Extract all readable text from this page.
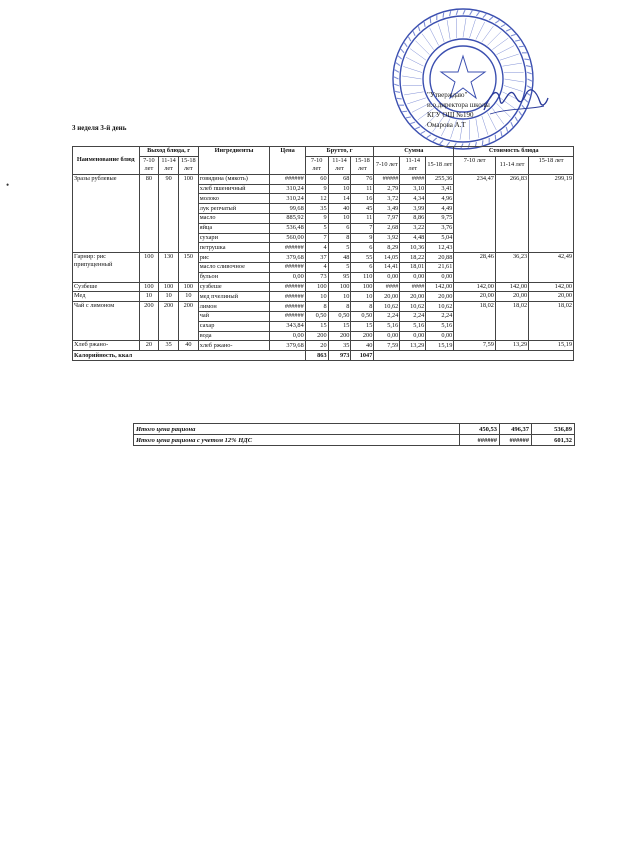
"Утверждаю"
и.о.директора школы
КГУ ОШ №190
Омарова А.Т
3 неделя 3-й день
Наименование блюд	Выход блюда, г			Ингредиенты	Цена	Брутто, г			Сумма			Стоимость блюда		
	7-10 лет	11-14 лет	15-18 лет			7-10 лет	11-14 лет	15-18 лет	7-10 лет	11-14 лет	15-18 лет	7-10 лет	11-14 лет	15-18 лет
Зразы рублевые	80	90	100	говядина (мякоть)	######	60	68	76	#####	####	255,36	234,47	266,83	299,19
				хлеб пшеничный	310,24	9	10	11	2,79	3,10	3,41			
				молоко	310,24	12	14	16	3,72	4,34	4,96			
				лук репчатый	99,68	35	40	45	3,49	3,99	4,49			
				масло	885,92	9	10	11	7,97	8,86	9,75			
				яйца	536,48	5	6	7	2,68	3,22	3,76			
				сухари	560,00	7	8	9	3,92	4,48	5,04			
				петрушка	######	4	5	6	8,29	10,36	12,43			
Гарнир: рис припущенный	100	130	150	рис	379,68	37	48	55	14,05	18,22	20,88	28,46	36,23	42,49
				масло сливочное	######	4	5	6	14,41	18,01	21,61			
				бульон	0,00	73	95	110	0,00	0,00	0,00			
Сузбеше	100	100	100	сузбеше	######	100	100	100	####	####	142,00	142,00	142,00	142,00
Мед	10	10	10	мед пчелиный	######	10	10	10	20,00	20,00	20,00	20,00	20,00	20,00
Чай с лимоном	200	200	200	лимон	######	8	8	8	10,62	10,62	10,62	18,02	18,02	18,02
				чай	######	0,50	0,50	0,50	2,24	2,24	2,24			
				сахар	343,84	15	15	15	5,16	5,16	5,16			
				вода	0,00	200	200	200	0,00	0,00	0,00			
Хлеб ржано-	20	35	40	хлеб ржано-	379,68	20	35	40	7,59	13,29	15,19	7,59	13,29	15,19
Калорийность, ккал						863	973	1047						
Итого цена рациона	450,53	496,37	536,89
Итого цена рациона с учетом 12% НДС	######	######	601,32
•
